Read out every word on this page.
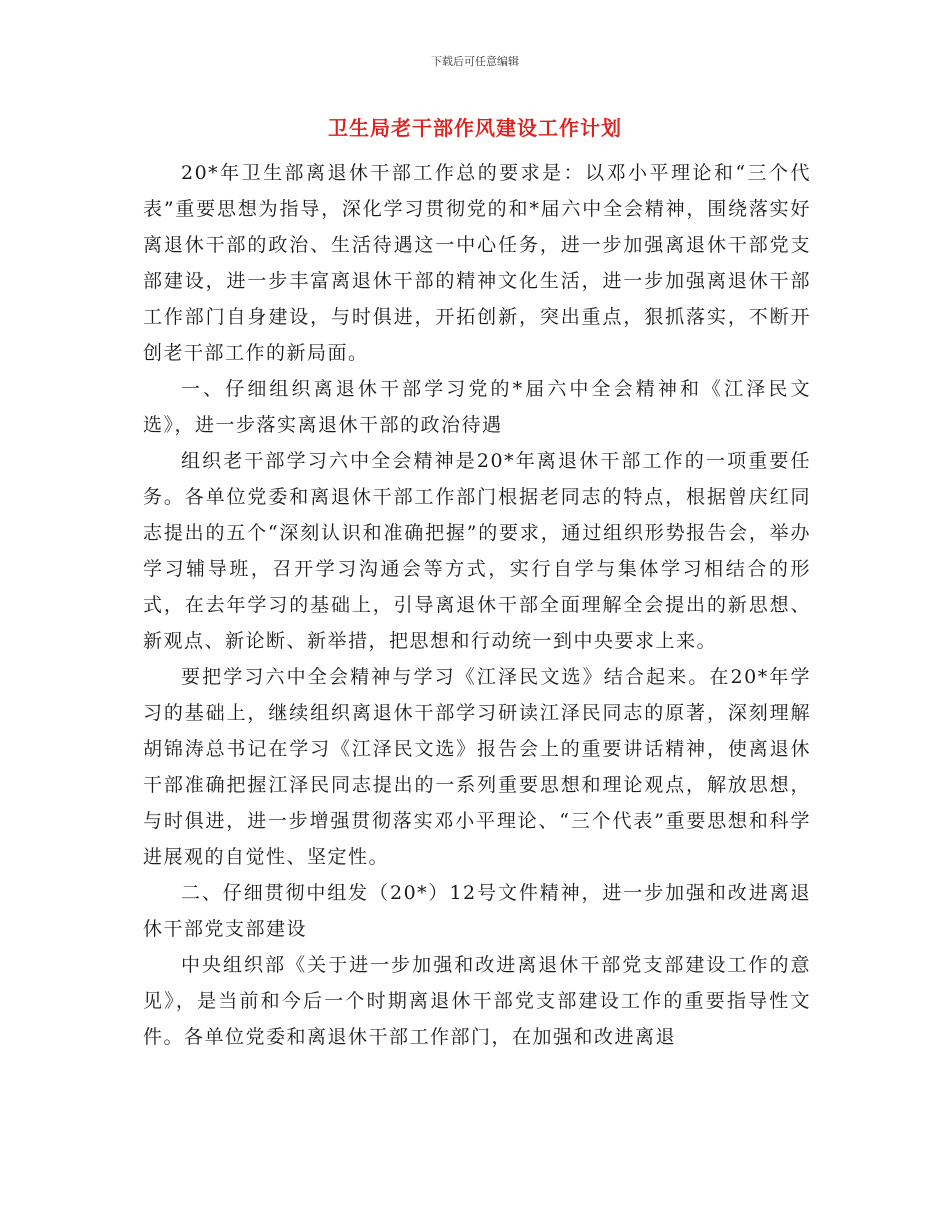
下载后可任意编辑
卫生局老干部作风建设工作计划

20*年卫生部离退休干部工作总的要求是：以邓小平理论和“三个代表”重要思想为指导，深化学习贯彻党的和*届六中全会精神，围绕落实好离退休干部的政治、生活待遇这一中心任务，进一步加强离退休干部党支部建设，进一步丰富离退休干部的精神文化生活，进一步加强离退休干部工作部门自身建设，与时俱进，开拓创新，突出重点，狠抓落实，不断开创老干部工作的新局面。

一、仔细组织离退休干部学习党的*届六中全会精神和《江泽民文选》，进一步落实离退休干部的政治待遇

组织老干部学习六中全会精神是20*年离退休干部工作的一项重要任务。各单位党委和离退休干部工作部门根据老同志的特点，根据曾庆红同志提出的五个“深刻认识和准确把握”的要求，通过组织形势报告会，举办学习辅导班，召开学习沟通会等方式，实行自学与集体学习相结合的形式，在去年学习的基础上，引导离退休干部全面理解全会提出的新思想、新观点、新论断、新举措，把思想和行动统一到中央要求上来。

要把学习六中全会精神与学习《江泽民文选》结合起来。在20*年学习的基础上，继续组织离退休干部学习研读江泽民同志的原著，深刻理解胡锦涛总书记在学习《江泽民文选》报告会上的重要讲话精神，使离退休干部准确把握江泽民同志提出的一系列重要思想和理论观点，解放思想，与时俱进，进一步增强贯彻落实邓小平理论、“三个代表”重要思想和科学进展观的自觉性、坚定性。

二、仔细贯彻中组发（20*）12号文件精神，进一步加强和改进离退休干部党支部建设

中央组织部《关于进一步加强和改进离退休干部党支部建设工作的意见》，是当前和今后一个时期离退休干部党支部建设工作的重要指导性文件。各单位党委和离退休干部工作部门，在加强和改进离退
